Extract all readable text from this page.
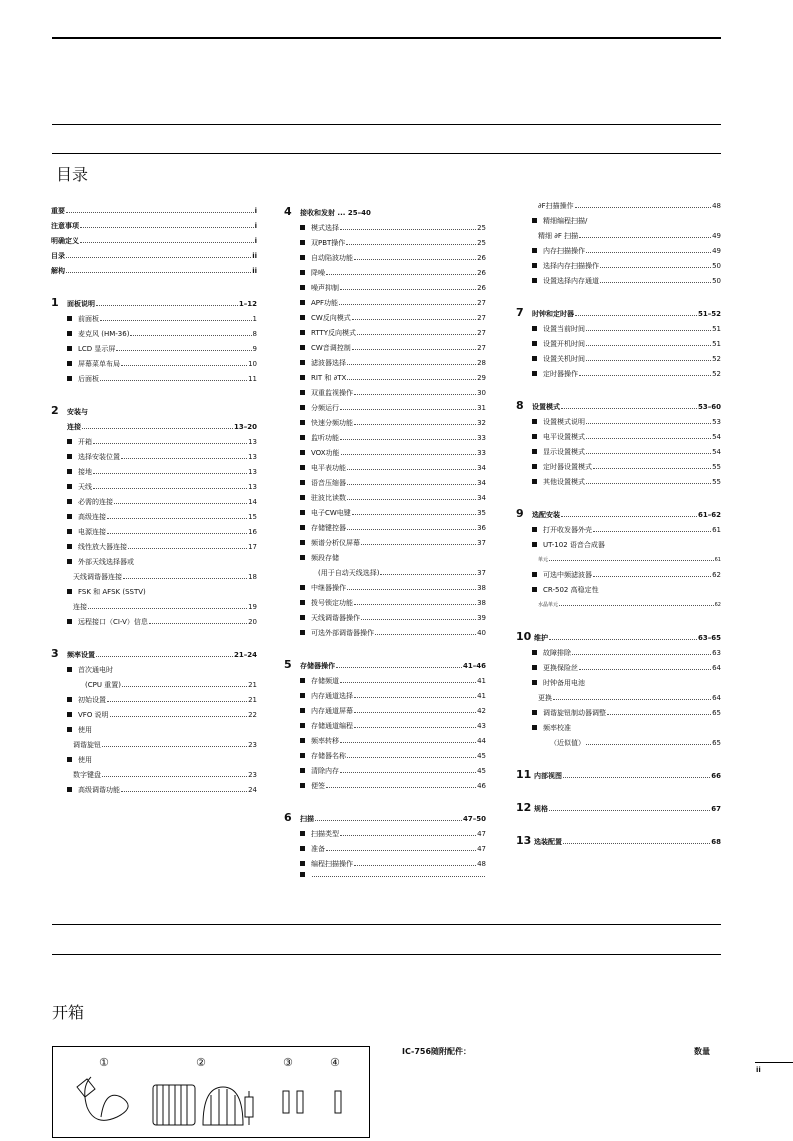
目录
重要	i
注意事项	i
明确定义	i
目录	ii
解构	ii
1	面板说明	1–12
前面板	1
麦克风 (HM-36)	8
LCD 显示屏	9
屏幕菜单布局	10
后面板	11
2	安装与
连接	13–20
开箱	13
选择安装位置	13
接地	13
天线	13
必需的连接	14
高级连接	15
电源连接	16
线性放大器连接	17
外部天线选择器或
天线调谐器连接	18
FSK 和 AFSK (SSTV)
连接	19
远程接口（CI-V）信息	20
3	频率设置	21–24
首次通电时
(CPU 重置)	21
初始设置	21
VFO 说明	22
使用
调谐旋钮	23
使用
数字键盘	23
高级调谐功能	24
4	接收和发射 ... 25–40
模式选择	25
双PBT操作	25
自动陷波功能	26
降噪	26
噪声抑制	26
APF功能	27
CW反向模式	27
RTTY反向模式	27
CW音调控制	27
滤波器选择	28
RIT 和 ∂TX	29
双重监视操作	30
分频运行	31
快速分频功能	32
监听功能	33
VOX功能	33
电平表功能	34
语音压缩器	34
驻波比读数	34
电子CW电键	35
存储键控器	36
频谱分析仪屏幕	37
频段存储
(用于自动天线选择)	37
中继器操作	38
拨号锁定功能	38
天线调谐器操作	39
可选外部调谐器操作	40
5	存储器操作	41–46
存储频道	41
内存通道选择	41
内存通道屏幕	42
存储通道编程	43
频率转移	44
存储器名称	45
清除内存	45
便签	46
6	扫描	47–50
扫描类型	47
准备	47
编程扫描操作	48
∂F扫描操作	48
精细编程扫描/
精细 ∂F 扫描	49
内存扫描操作	49
选择内存扫描操作	50
设置选择内存通道	50
7	时钟和定时器	51–52
设置当前时间	51
设置开机时间	51
设置关机时间	52
定时器操作	52
8	设置模式	53–60
设置模式说明	53
电平设置模式	54
显示设置模式	54
定时器设置模式	55
其他设置模式	55
9	选配安装	61–62
打开收发器外壳	61
UT-102 语音合成器
单元	61
可选中频滤波器	62
CR-502 高稳定性
水晶单元	62
10 维护	63–65
故障排除	63
更换保险丝	64
时钟备用电池
更换	64
调谐旋钮制动器调整	65
频率校准
（近似值）	65
11 内部视图	66
12 规格	67
13 选装配置	68
开箱
①	②	③	④
IC-756随附配件：	数量
ii
